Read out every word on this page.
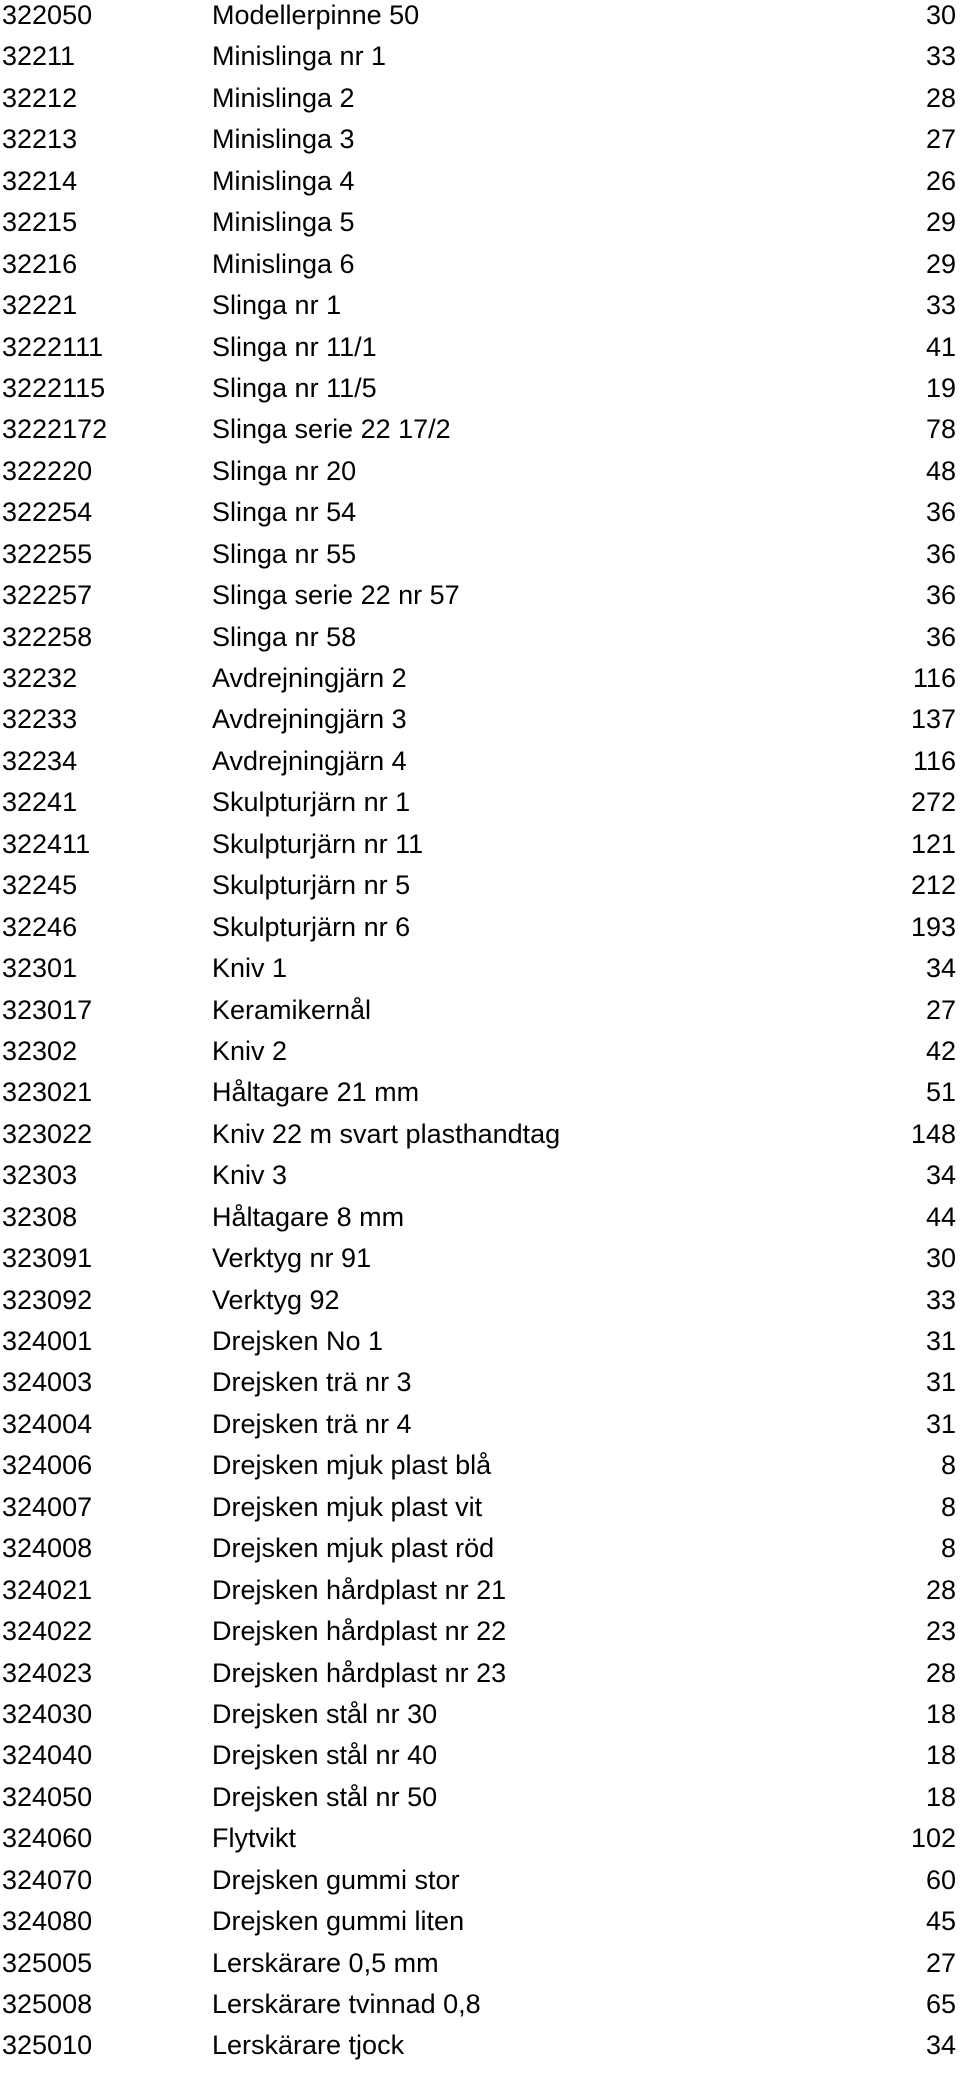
322050	Modellerpinne 50	30
32211	Minislinga nr 1	33
32212	Minislinga 2	28
32213	Minislinga 3	27
32214	Minislinga 4	26
32215	Minislinga 5	29
32216	Minislinga 6	29
32221	Slinga nr 1	33
3222111	Slinga nr 11/1	41
3222115	Slinga nr 11/5	19
3222172	Slinga serie 22 17/2	78
322220	Slinga nr 20	48
322254	Slinga nr 54	36
322255	Slinga nr 55	36
322257	Slinga serie 22 nr 57	36
322258	Slinga nr 58	36
32232	Avdrejningjärn 2	116
32233	Avdrejningjärn 3	137
32234	Avdrejningjärn 4	116
32241	Skulpturjärn nr 1	272
322411	Skulpturjärn nr 11	121
32245	Skulpturjärn nr 5	212
32246	Skulpturjärn nr 6	193
32301	Kniv 1	34
323017	Keramikernål	27
32302	Kniv 2	42
323021	Håltagare 21 mm	51
323022	Kniv 22 m svart plasthandtag	148
32303	Kniv 3	34
32308	Håltagare 8 mm	44
323091	Verktyg nr 91	30
323092	Verktyg 92	33
324001	Drejsken No 1	31
324003	Drejsken trä nr 3	31
324004	Drejsken trä nr 4	31
324006	Drejsken mjuk plast blå	8
324007	Drejsken mjuk plast vit	8
324008	Drejsken mjuk plast röd	8
324021	Drejsken hårdplast nr 21	28
324022	Drejsken hårdplast nr 22	23
324023	Drejsken hårdplast nr 23	28
324030	Drejsken stål nr 30	18
324040	Drejsken stål nr 40	18
324050	Drejsken stål nr 50	18
324060	Flytvikt	102
324070	Drejsken gummi stor	60
324080	Drejsken gummi liten	45
325005	Lerskärare 0,5 mm	27
325008	Lerskärare tvinnad 0,8	65
325010	Lerskärare tjock	34
